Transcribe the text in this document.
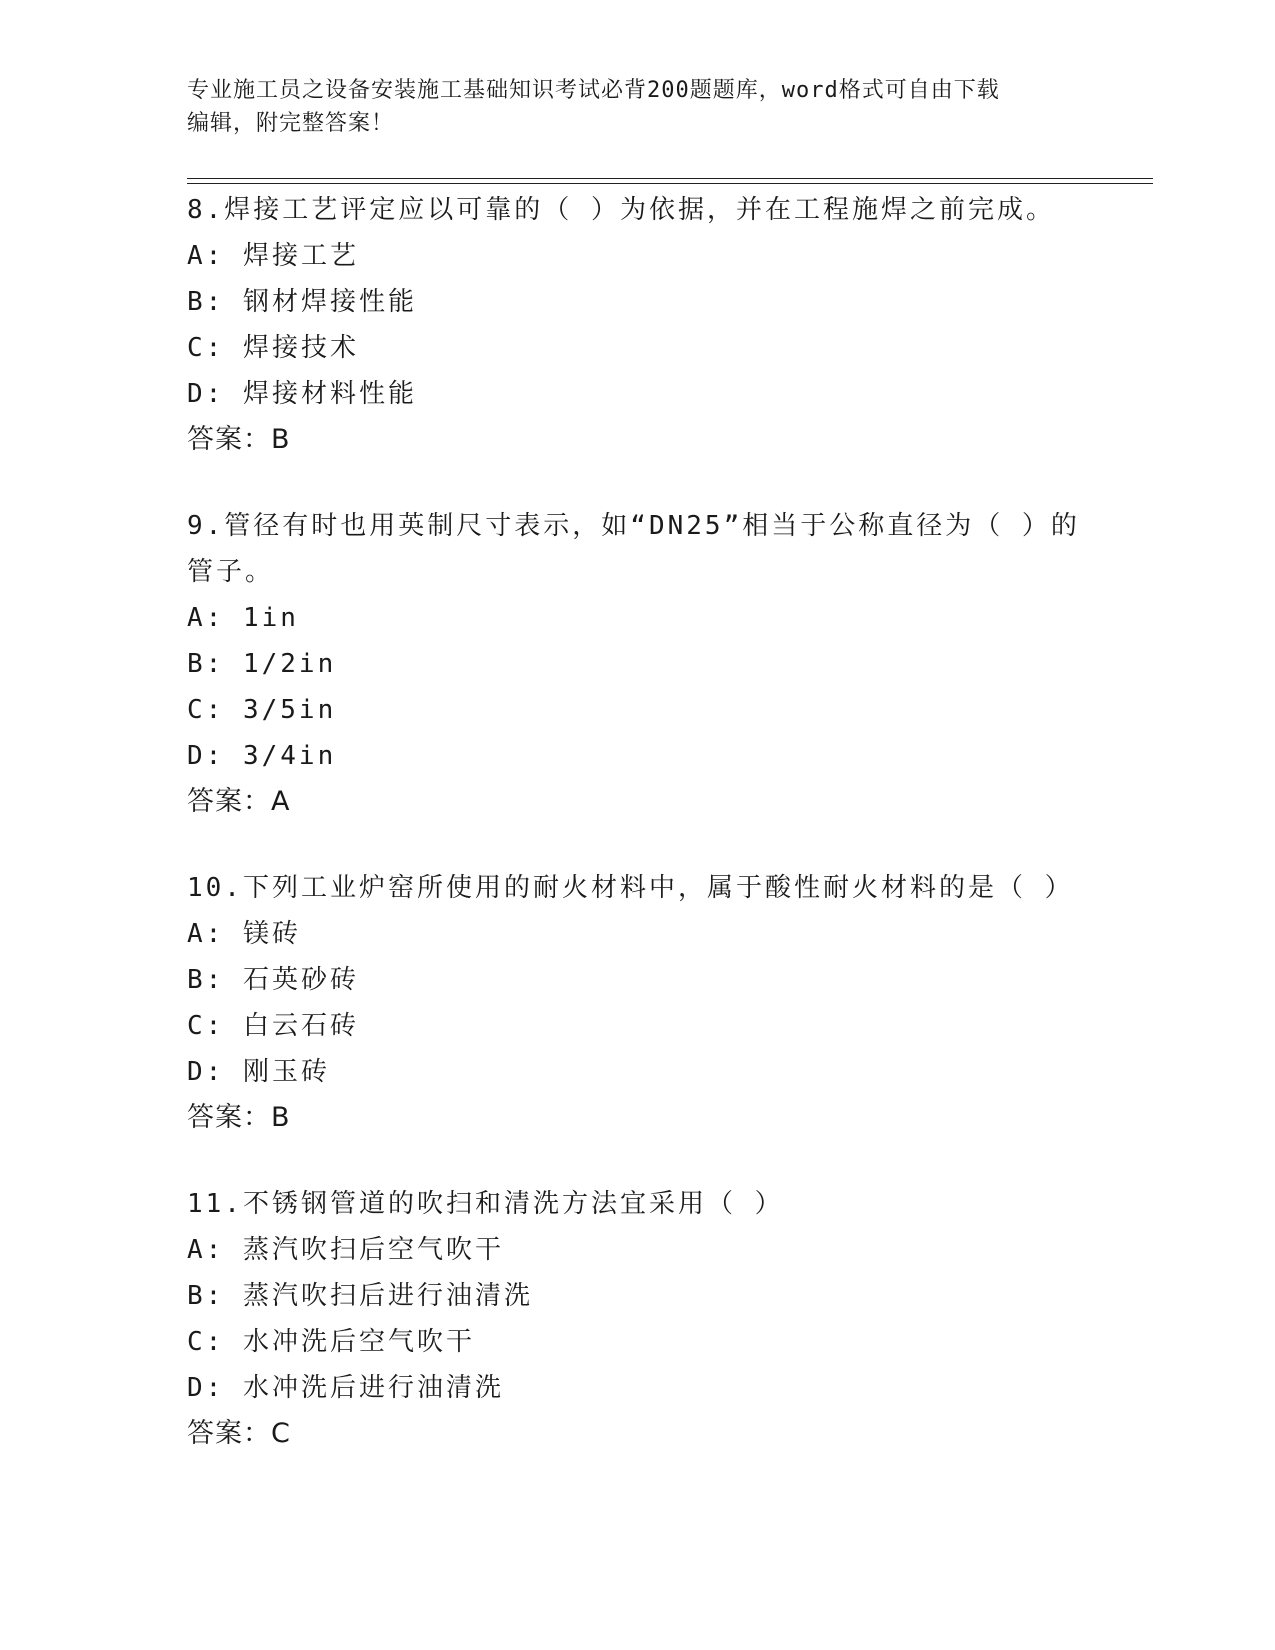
专业施工员之设备安装施工基础知识考试必背200题题库，word格式可自由下载
编辑，附完整答案！
8.焊接工艺评定应以可靠的（ ）为依据，并在工程施焊之前完成。
A: 焊接工艺
B: 钢材焊接性能
C: 焊接技术
D: 焊接材料性能
答案：B
9.管径有时也用英制尺寸表示，如“DN25”相当于公称直径为（ ）的管子。
A: 1in
B: 1/2in
C: 3/5in
D: 3/4in
答案：A
10.下列工业炉窑所使用的耐火材料中，属于酸性耐火材料的是（ ）
A: 镁砖
B: 石英砂砖
C: 白云石砖
D: 刚玉砖
答案：B
11.不锈钢管道的吹扫和清洗方法宜采用（ ）
A: 蒸汽吹扫后空气吹干
B: 蒸汽吹扫后进行油清洗
C: 水冲洗后空气吹干
D: 水冲洗后进行油清洗
答案：C
